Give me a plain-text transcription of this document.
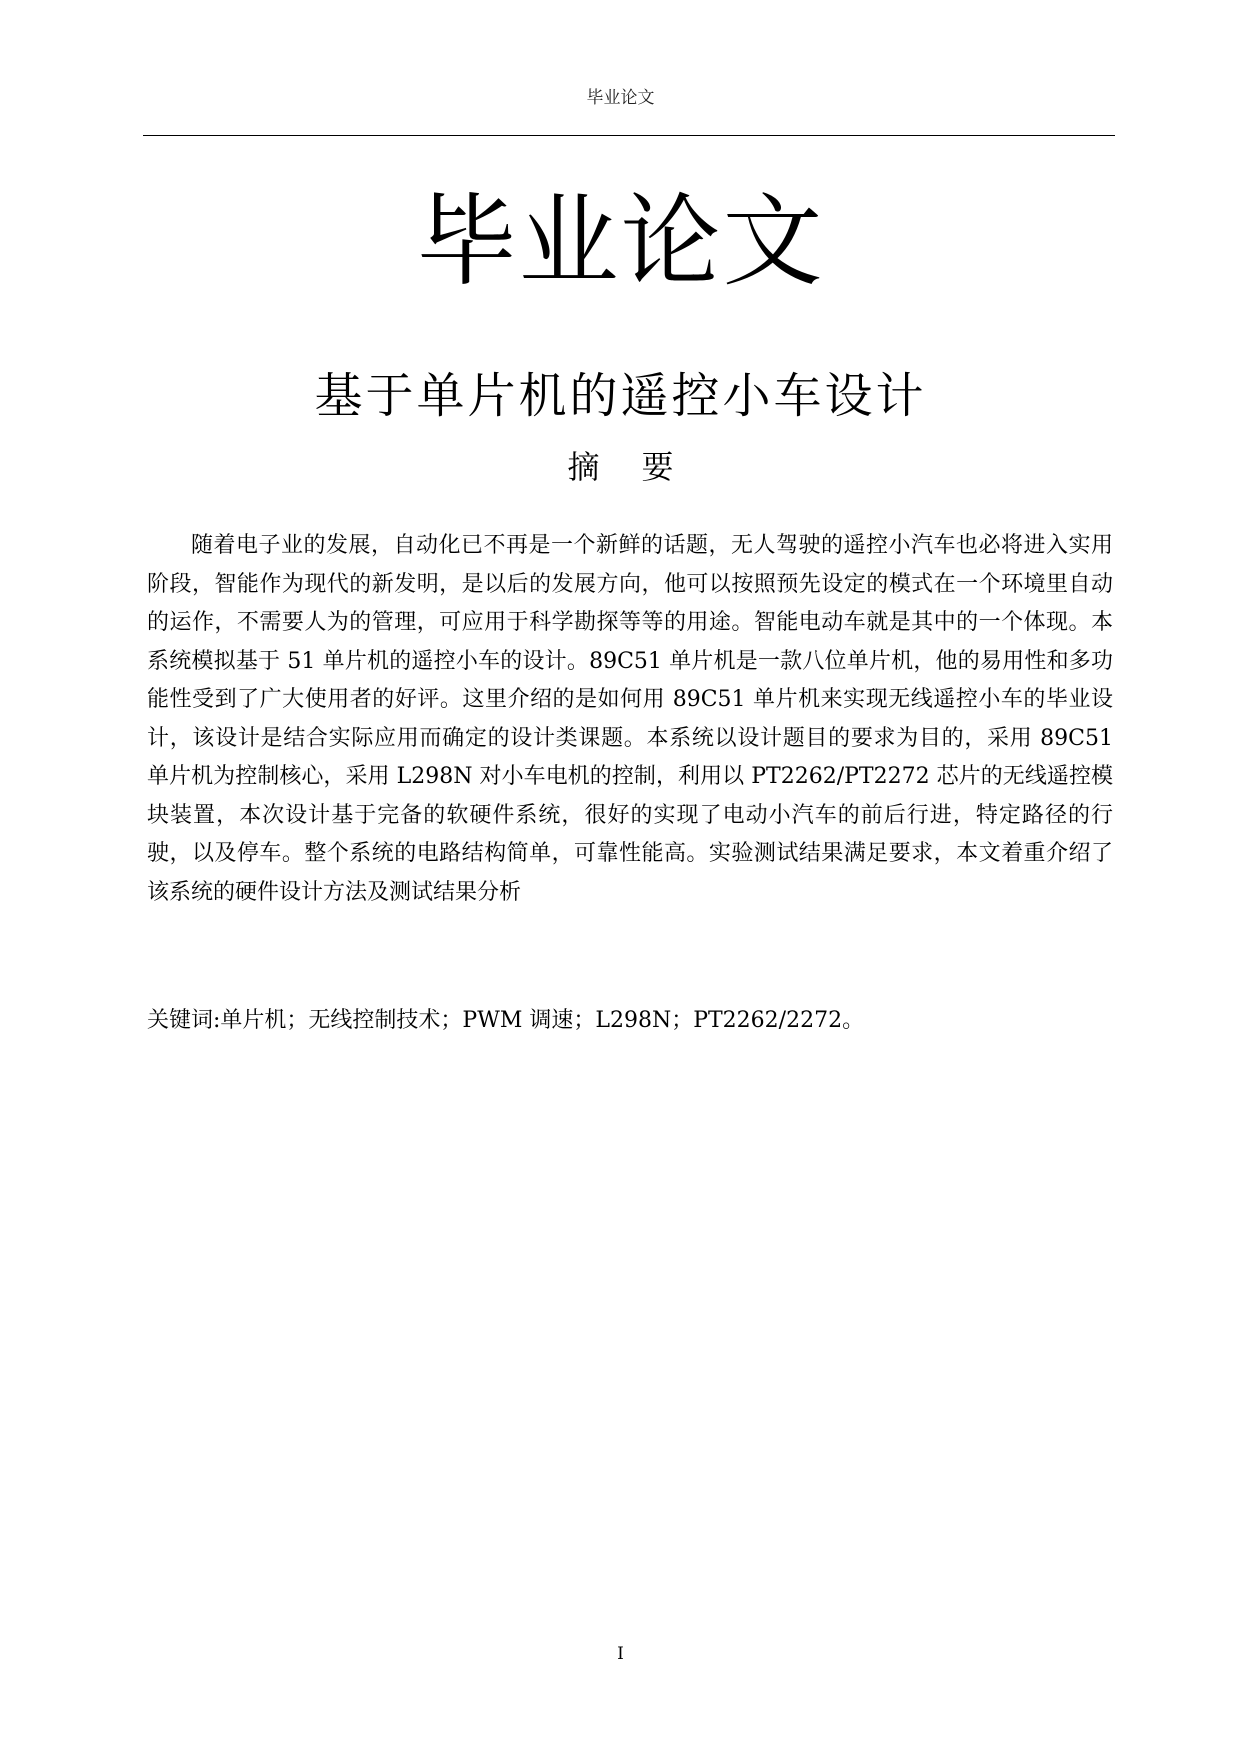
毕业论文
毕业论文
基于单片机的遥控小车设计
摘要

随着电子业的发展，自动化已不再是一个新鲜的话题，无人驾驶的遥控小汽车也必将进入实用阶段，智能作为现代的新发明，是以后的发展方向，他可以按照预先设定的模式在一个环境里自动的运作，不需要人为的管理，可应用于科学勘探等等的用途。智能电动车就是其中的一个体现。本系统模拟基于 51 单片机的遥控小车的设计。89C51 单片机是一款八位单片机，他的易用性和多功能性受到了广大使用者的好评。这里介绍的是如何用 89C51 单片机来实现无线遥控小车的毕业设计，该设计是结合实际应用而确定的设计类课题。本系统以设计题目的要求为目的，采用 89C51 单片机为控制核心，采用 L298N 对小车电机的控制，利用以 PT2262/PT2272 芯片的无线遥控模块装置，本次设计基于完备的软硬件系统，很好的实现了电动小汽车的前后行进，特定路径的行驶，以及停车。整个系统的电路结构简单，可靠性能高。实验测试结果满足要求，本文着重介绍了该系统的硬件设计方法及测试结果分析

关键词:单片机；无线控制技术；PWM 调速；L298N；PT2262/2272。

I
